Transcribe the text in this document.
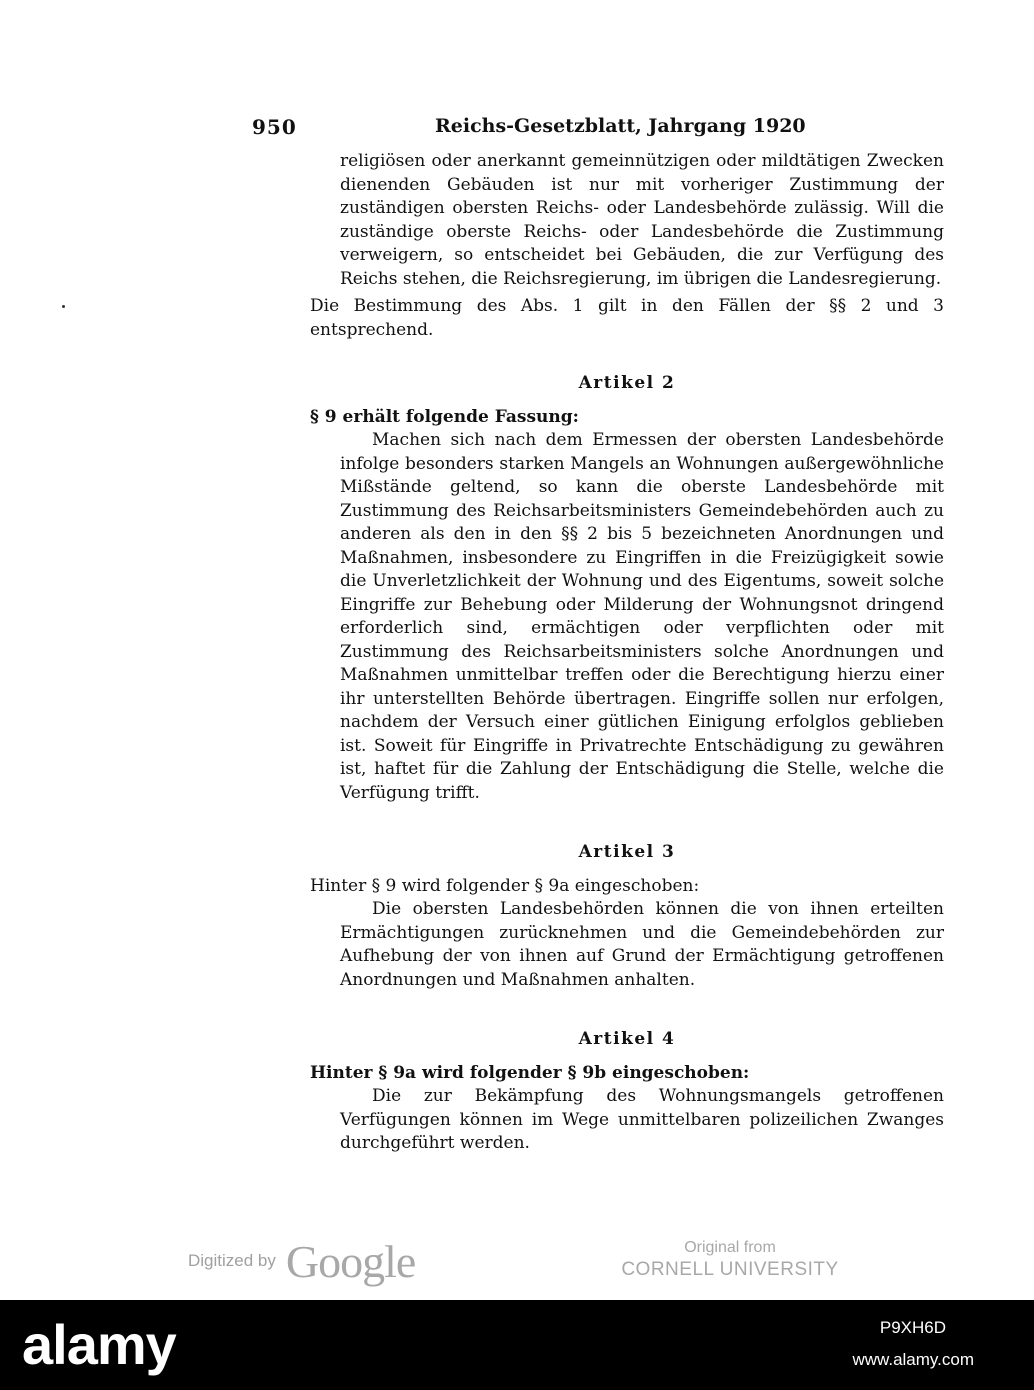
950	Reichs-Gesetzblatt, Jahrgang 1920

religiösen oder anerkannt gemeinnützigen oder mildtätigen Zwecken dienenden Gebäuden ist nur mit vorheriger Zustimmung der zuständigen obersten Reichs- oder Landesbehörde zulässig. Will die zuständige oberste Reichs- oder Landesbehörde die Zustimmung verweigern, so entscheidet bei Gebäuden, die zur Verfügung des Reichs stehen, die Reichsregierung, im übrigen die Landesregierung.

Die Bestimmung des Abs. 1 gilt in den Fällen der §§ 2 und 3 entsprechend.

Artikel 2

§ 9 erhält folgende Fassung:

Machen sich nach dem Ermessen der obersten Landesbehörde infolge besonders starken Mangels an Wohnungen außergewöhnliche Mißstände geltend, so kann die oberste Landesbehörde mit Zustimmung des Reichsarbeitsministers Gemeindebehörden auch zu anderen als den in den §§ 2 bis 5 bezeichneten Anordnungen und Maßnahmen, insbesondere zu Eingriffen in die Freizügigkeit sowie die Unverletzlichkeit der Wohnung und des Eigentums, soweit solche Eingriffe zur Behebung oder Milderung der Wohnungsnot dringend erforderlich sind, ermächtigen oder verpflichten oder mit Zustimmung des Reichsarbeitsministers solche Anordnungen und Maßnahmen unmittelbar treffen oder die Berechtigung hierzu einer ihr unterstellten Behörde übertragen. Eingriffe sollen nur erfolgen, nachdem der Versuch einer gütlichen Einigung erfolglos geblieben ist. Soweit für Eingriffe in Privatrechte Entschädigung zu gewähren ist, haftet für die Zahlung der Entschädigung die Stelle, welche die Verfügung trifft.

Artikel 3

Hinter § 9 wird folgender § 9a eingeschoben:

Die obersten Landesbehörden können die von ihnen erteilten Ermächtigungen zurücknehmen und die Gemeindebehörden zur Aufhebung der von ihnen auf Grund der Ermächtigung getroffenen Anordnungen und Maßnahmen anhalten.

Artikel 4

Hinter § 9a wird folgender § 9b eingeschoben:

Die zur Bekämpfung des Wohnungsmangels getroffenen Verfügungen können im Wege unmittelbaren polizeilichen Zwanges durchgeführt werden.

Digitized by Google	Original from
CORNELL UNIVERSITY
alamy	P9XH6D
www.alamy.com
